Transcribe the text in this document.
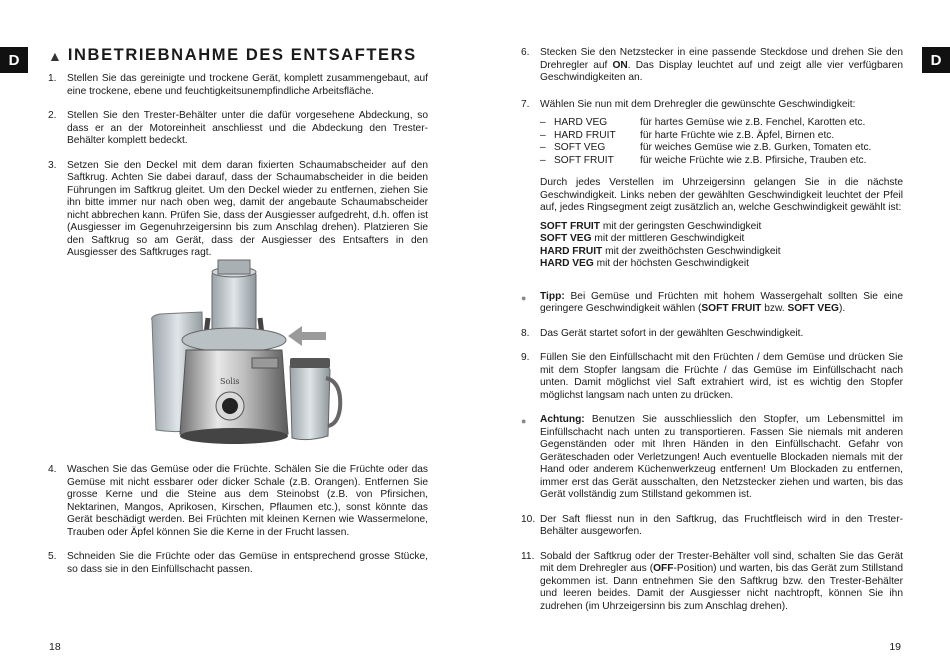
D	D
▲ INBETRIEBNAHME DES ENTSAFTERS
1.	Stellen Sie das gereinigte und trockene Gerät, komplett zusammengebaut, auf eine trockene, ebene und feuchtigkeitsunempfindliche Arbeitsfläche.
2.	Stellen Sie den Trester-Behälter unter die dafür vorgesehene Abdeckung, so dass er an der Motoreinheit anschliesst und die Abdeckung den Trester-Behälter komplett bedeckt.
3.	Setzen Sie den Deckel mit dem daran fixierten Schaumabscheider auf den Saftkrug. Achten Sie dabei darauf, dass der Schaumabscheider in die beiden Führungen im Saftkrug gleitet. Um den Deckel wieder zu entfernen, ziehen Sie ihn bitte immer nur nach oben weg, damit der angebaute Schaumabscheider nicht abbrechen kann. Prüfen Sie, dass der Ausgiesser aufgedreht, d.h. offen ist (Ausgiesser im Gegenuhrzeigersinn bis zum Anschlag drehen). Platzieren Sie den Saftkrug so am Gerät, dass der Ausgiesser des Entsafters in den Ausgiesser des Saftkruges ragt.
Solis
4.	Waschen Sie das Gemüse oder die Früchte. Schälen Sie die Früchte oder das Gemüse mit nicht essbarer oder dicker Schale (z.B. Orangen). Entfernen Sie grosse Kerne und die Steine aus dem Steinobst (z.B. von Pfirsichen, Nektarinen, Mangos, Aprikosen, Kirschen, Pflaumen etc.), sonst könnte das Gerät beschädigt werden. Bei Früchten mit kleinen Kernen wie Wassermelone, Trauben oder Äpfel können Sie die Kerne in der Frucht lassen.
5.	Schneiden Sie die Früchte oder das Gemüse in entsprechend grosse Stücke, so dass sie in den Einfüllschacht passen.
18
6.	Stecken Sie den Netzstecker in eine passende Steckdose und drehen Sie den Drehregler auf ON. Das Display leuchtet auf und zeigt alle vier verfügbaren Geschwindigkeiten an.
7.	Wählen Sie nun mit dem Drehregler die gewünschte Geschwindigkeit:
– HARD VEG	für hartes Gemüse wie z.B. Fenchel, Karotten etc.
– HARD FRUIT	für harte Früchte wie z.B. Äpfel, Birnen etc.
– SOFT VEG	für weiches Gemüse wie z.B. Gurken, Tomaten etc.
– SOFT FRUIT	für weiche Früchte wie z.B. Pfirsiche, Trauben etc.
Durch jedes Verstellen im Uhrzeigersinn gelangen Sie in die nächste Geschwindigkeit. Links neben der gewählten Geschwindigkeit leuchtet der Pfeil auf, jedes Ringsegment zeigt zusätzlich an, welche Geschwindigkeit gewählt ist:
SOFT FRUIT mit der geringsten Geschwindigkeit
SOFT VEG mit der mittleren Geschwindigkeit
HARD FRUIT mit der zweithöchsten Geschwindigkeit
HARD VEG mit der höchsten Geschwindigkeit
●	Tipp: Bei Gemüse und Früchten mit hohem Wassergehalt sollten Sie eine geringere Geschwindigkeit wählen (SOFT FRUIT bzw. SOFT VEG).
8.	Das Gerät startet sofort in der gewählten Geschwindigkeit.
9.	Füllen Sie den Einfüllschacht mit den Früchten / dem Gemüse und drücken Sie mit dem Stopfer langsam die Früchte / das Gemüse im Einfüllschacht nach unten. Damit möglichst viel Saft extrahiert wird, ist es wichtig den Stopfer möglichst langsam nach unten zu drücken.
●	Achtung: Benutzen Sie ausschliesslich den Stopfer, um Lebensmittel im Einfüllschacht nach unten zu transportieren. Fassen Sie niemals mit anderen Gegenständen oder mit Ihren Händen in den Einfüllschacht. Gefahr von Geräteschaden oder Verletzungen! Auch eventuelle Blockaden niemals mit der Hand oder anderem Küchenwerkzeug entfernen! Um Blockaden zu entfernen, immer erst das Gerät ausschalten, den Netzstecker ziehen und warten, bis das Gerät vollständig zum Stillstand gekommen ist.
10. Der Saft fliesst nun in den Saftkrug, das Fruchtfleisch wird in den Trester-Behälter ausgeworfen.
11. Sobald der Saftkrug oder der Trester-Behälter voll sind, schalten Sie das Gerät mit dem Drehregler aus (OFF-Position) und warten, bis das Gerät zum Stillstand gekommen ist. Dann entnehmen Sie den Saftkrug bzw. den Trester-Behälter und leeren beides. Damit der Ausgiesser nicht nachtropft, können Sie ihn zudrehen (im Uhrzeigersinn bis zum Anschlag drehen).
19
